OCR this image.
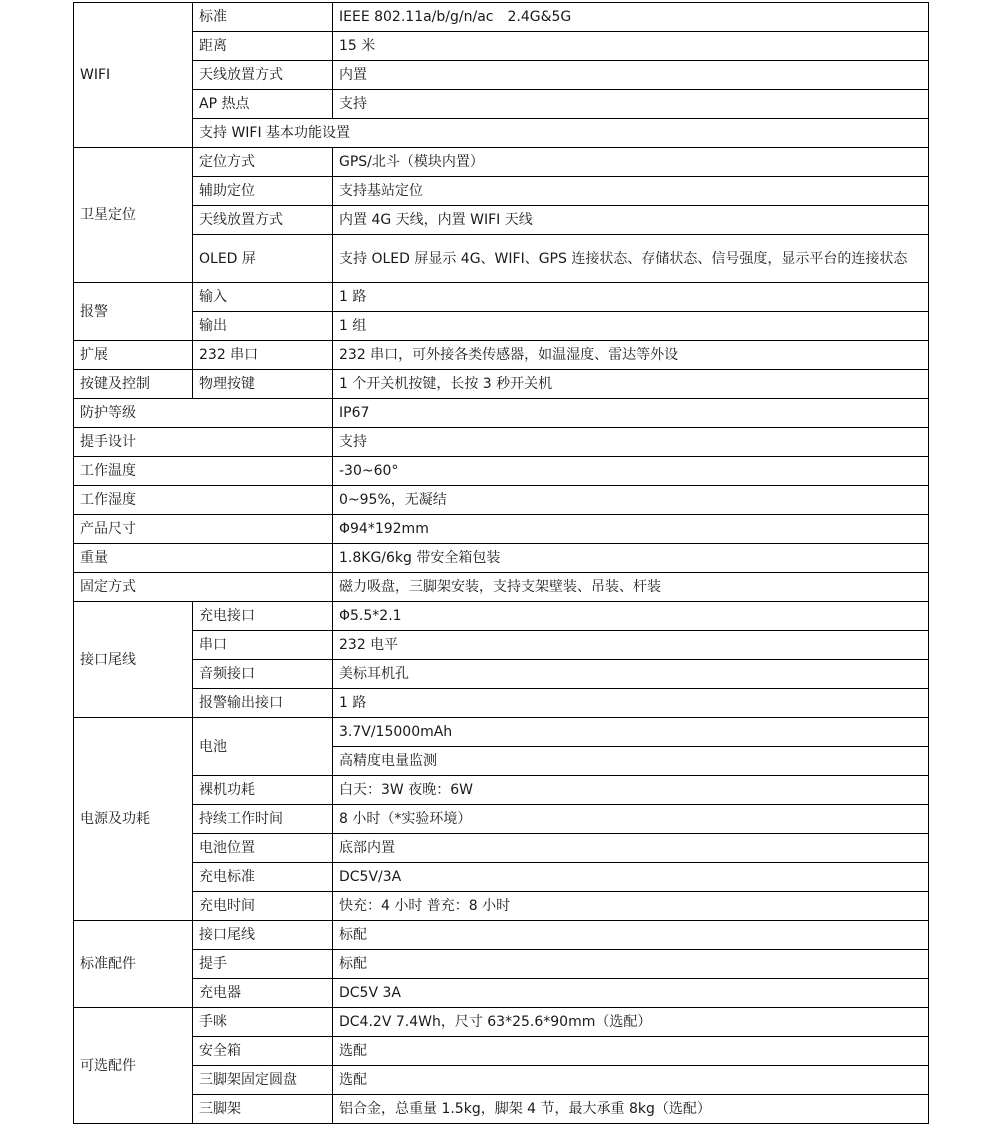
WIFI	标准	IEEE 802.11a/b/g/n/ac　2.4G&5G
	距离	15 米
	天线放置方式	内置
	AP 热点	支持
	支持 WIFI 基本功能设置	
卫星定位	定位方式	GPS/北斗（模块内置）
	辅助定位	支持基站定位
	天线放置方式	内置 4G 天线，内置 WIFI 天线
	OLED 屏	支持 OLED 屏显示 4G、WIFI、GPS 连接状态、存储状态、信号强度，显示平台的连接状态
报警	输入	1 路
	输出	1 组
扩展	232 串口	232 串口，可外接各类传感器，如温湿度、雷达等外设
按键及控制	物理按键	1 个开关机按键，长按 3 秒开关机
防护等级		IP67
提手设计		支持
工作温度		-30~60°
工作湿度		0~95%，无凝结
产品尺寸		Φ94*192mm
重量		1.8KG/6kg 带安全箱包装
固定方式		磁力吸盘，三脚架安装，支持支架壁装、吊装、杆装
接口尾线	充电接口	Φ5.5*2.1
	串口	232 电平
	音频接口	美标耳机孔
	报警输出接口	1 路
电源及功耗	电池	3.7V/15000mAh
		高精度电量监测
	裸机功耗	白天：3W 夜晚：6W
	持续工作时间	8 小时（*实验环境）
	电池位置	底部内置
	充电标准	DC5V/3A
	充电时间	快充：4 小时 普充：8 小时
标准配件	接口尾线	标配
	提手	标配
	充电器	DC5V 3A
可选配件	手咪	DC4.2V 7.4Wh，尺寸 63*25.6*90mm（选配）
	安全箱	选配
	三脚架固定圆盘	选配
	三脚架	铝合金，总重量 1.5kg，脚架 4 节，最大承重 8kg（选配）
